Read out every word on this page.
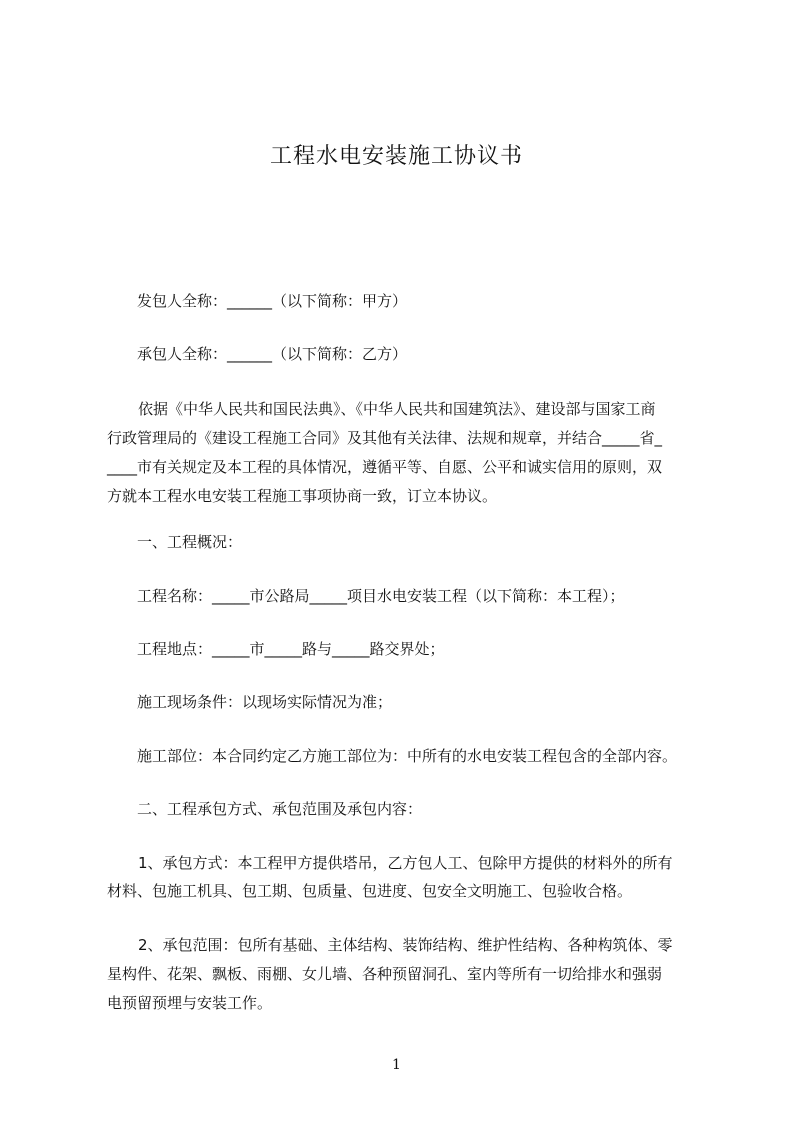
工程水电安装施工协议书
发包人全称：______（以下简称：甲方）
承包人全称：______（以下简称：乙方）
依据《中华人民共和国民法典》、《中华人民共和国建筑法》、建设部与国家工商
行政管理局的《建设工程施工合同》及其他有关法律、法规和规章，并结合_____省_
____市有关规定及本工程的具体情况，遵循平等、自愿、公平和诚实信用的原则，双
方就本工程水电安装工程施工事项协商一致，订立本协议。
一、工程概况：
工程名称：_____市公路局_____项目水电安装工程（以下简称：本工程）；
工程地点：_____市_____路与_____路交界处；
施工现场条件：以现场实际情况为准；
施工部位：本合同约定乙方施工部位为：中所有的水电安装工程包含的全部内容。
二、工程承包方式、承包范围及承包内容：
1、承包方式：本工程甲方提供塔吊，乙方包人工、包除甲方提供的材料外的所有
材料、包施工机具、包工期、包质量、包进度、包安全文明施工、包验收合格。
2、承包范围：包所有基础、主体结构、装饰结构、维护性结构、各种构筑体、零
星构件、花架、飘板、雨棚、女儿墙、各种预留洞孔、室内等所有一切给排水和强弱
电预留预埋与安装工作。
1
